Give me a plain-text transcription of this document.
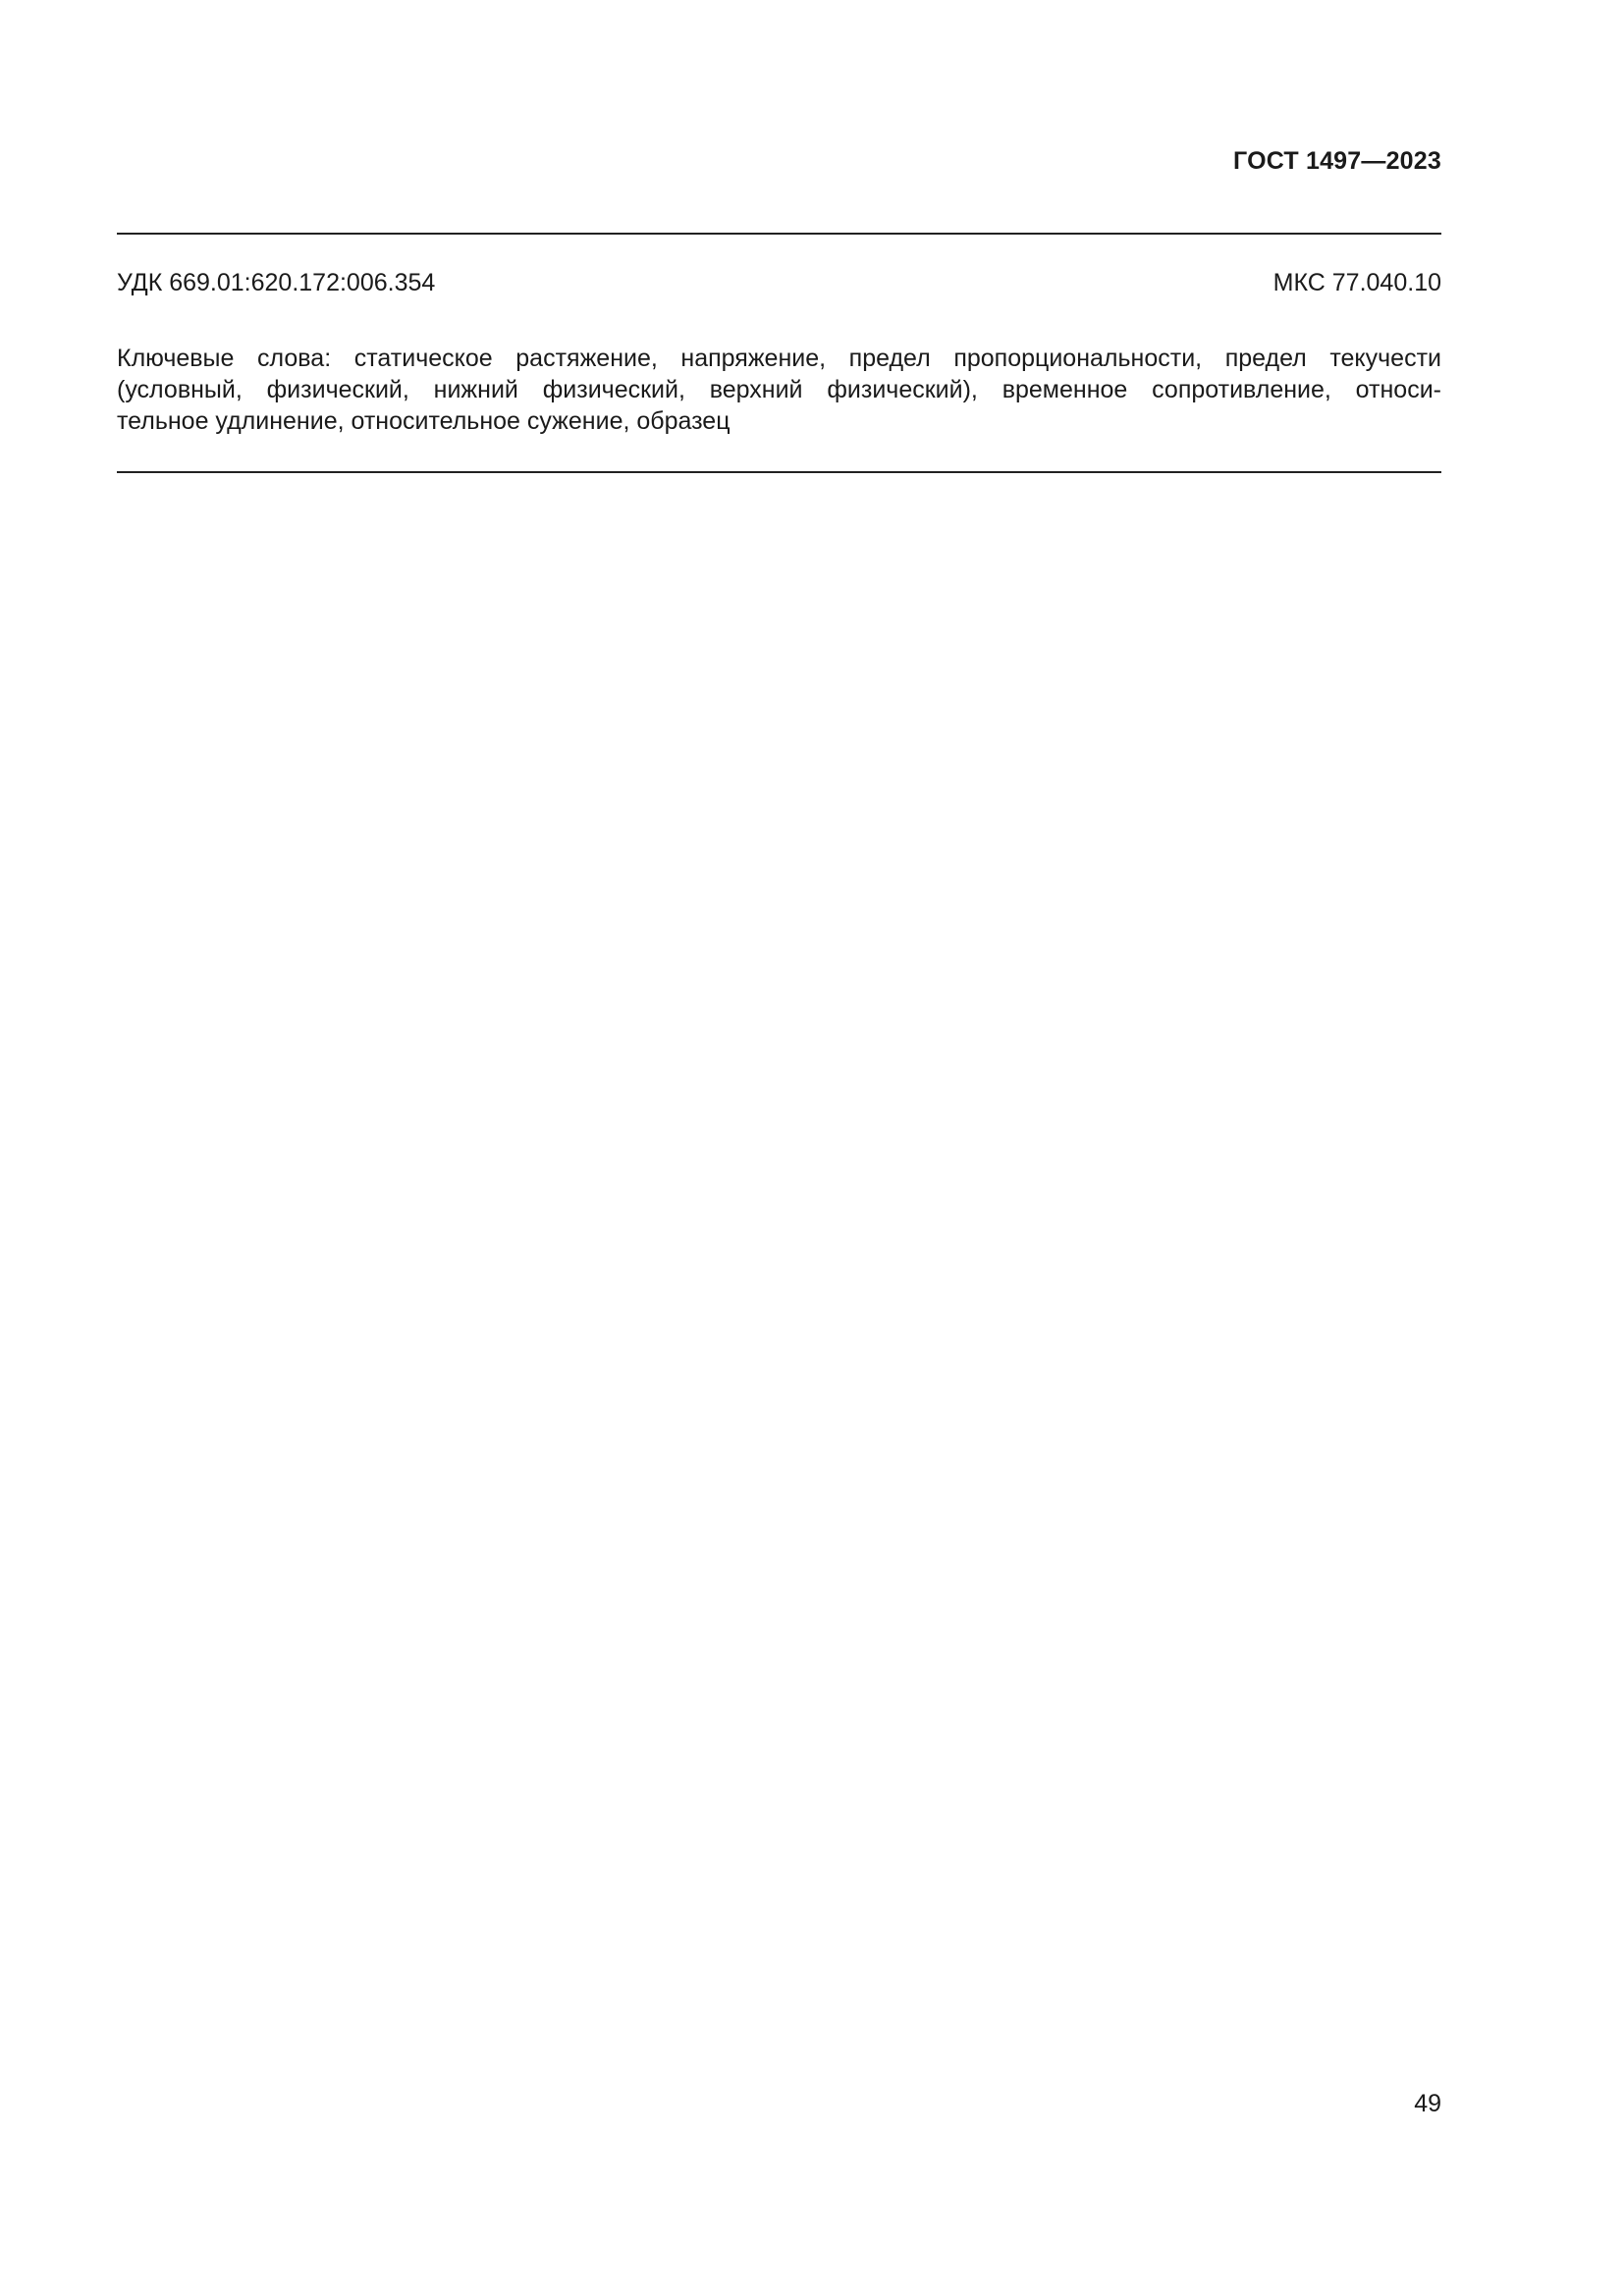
ГОСТ 1497—2023
УДК 669.01:620.172:006.354	МКС 77.040.10
Ключевые слова: статическое растяжение, напряжение, предел пропорциональности, предел текучести
(условный, физический, нижний физический, верхний физический), временное сопротивление, относи-
тельное удлинение, относительное сужение, образец
49
